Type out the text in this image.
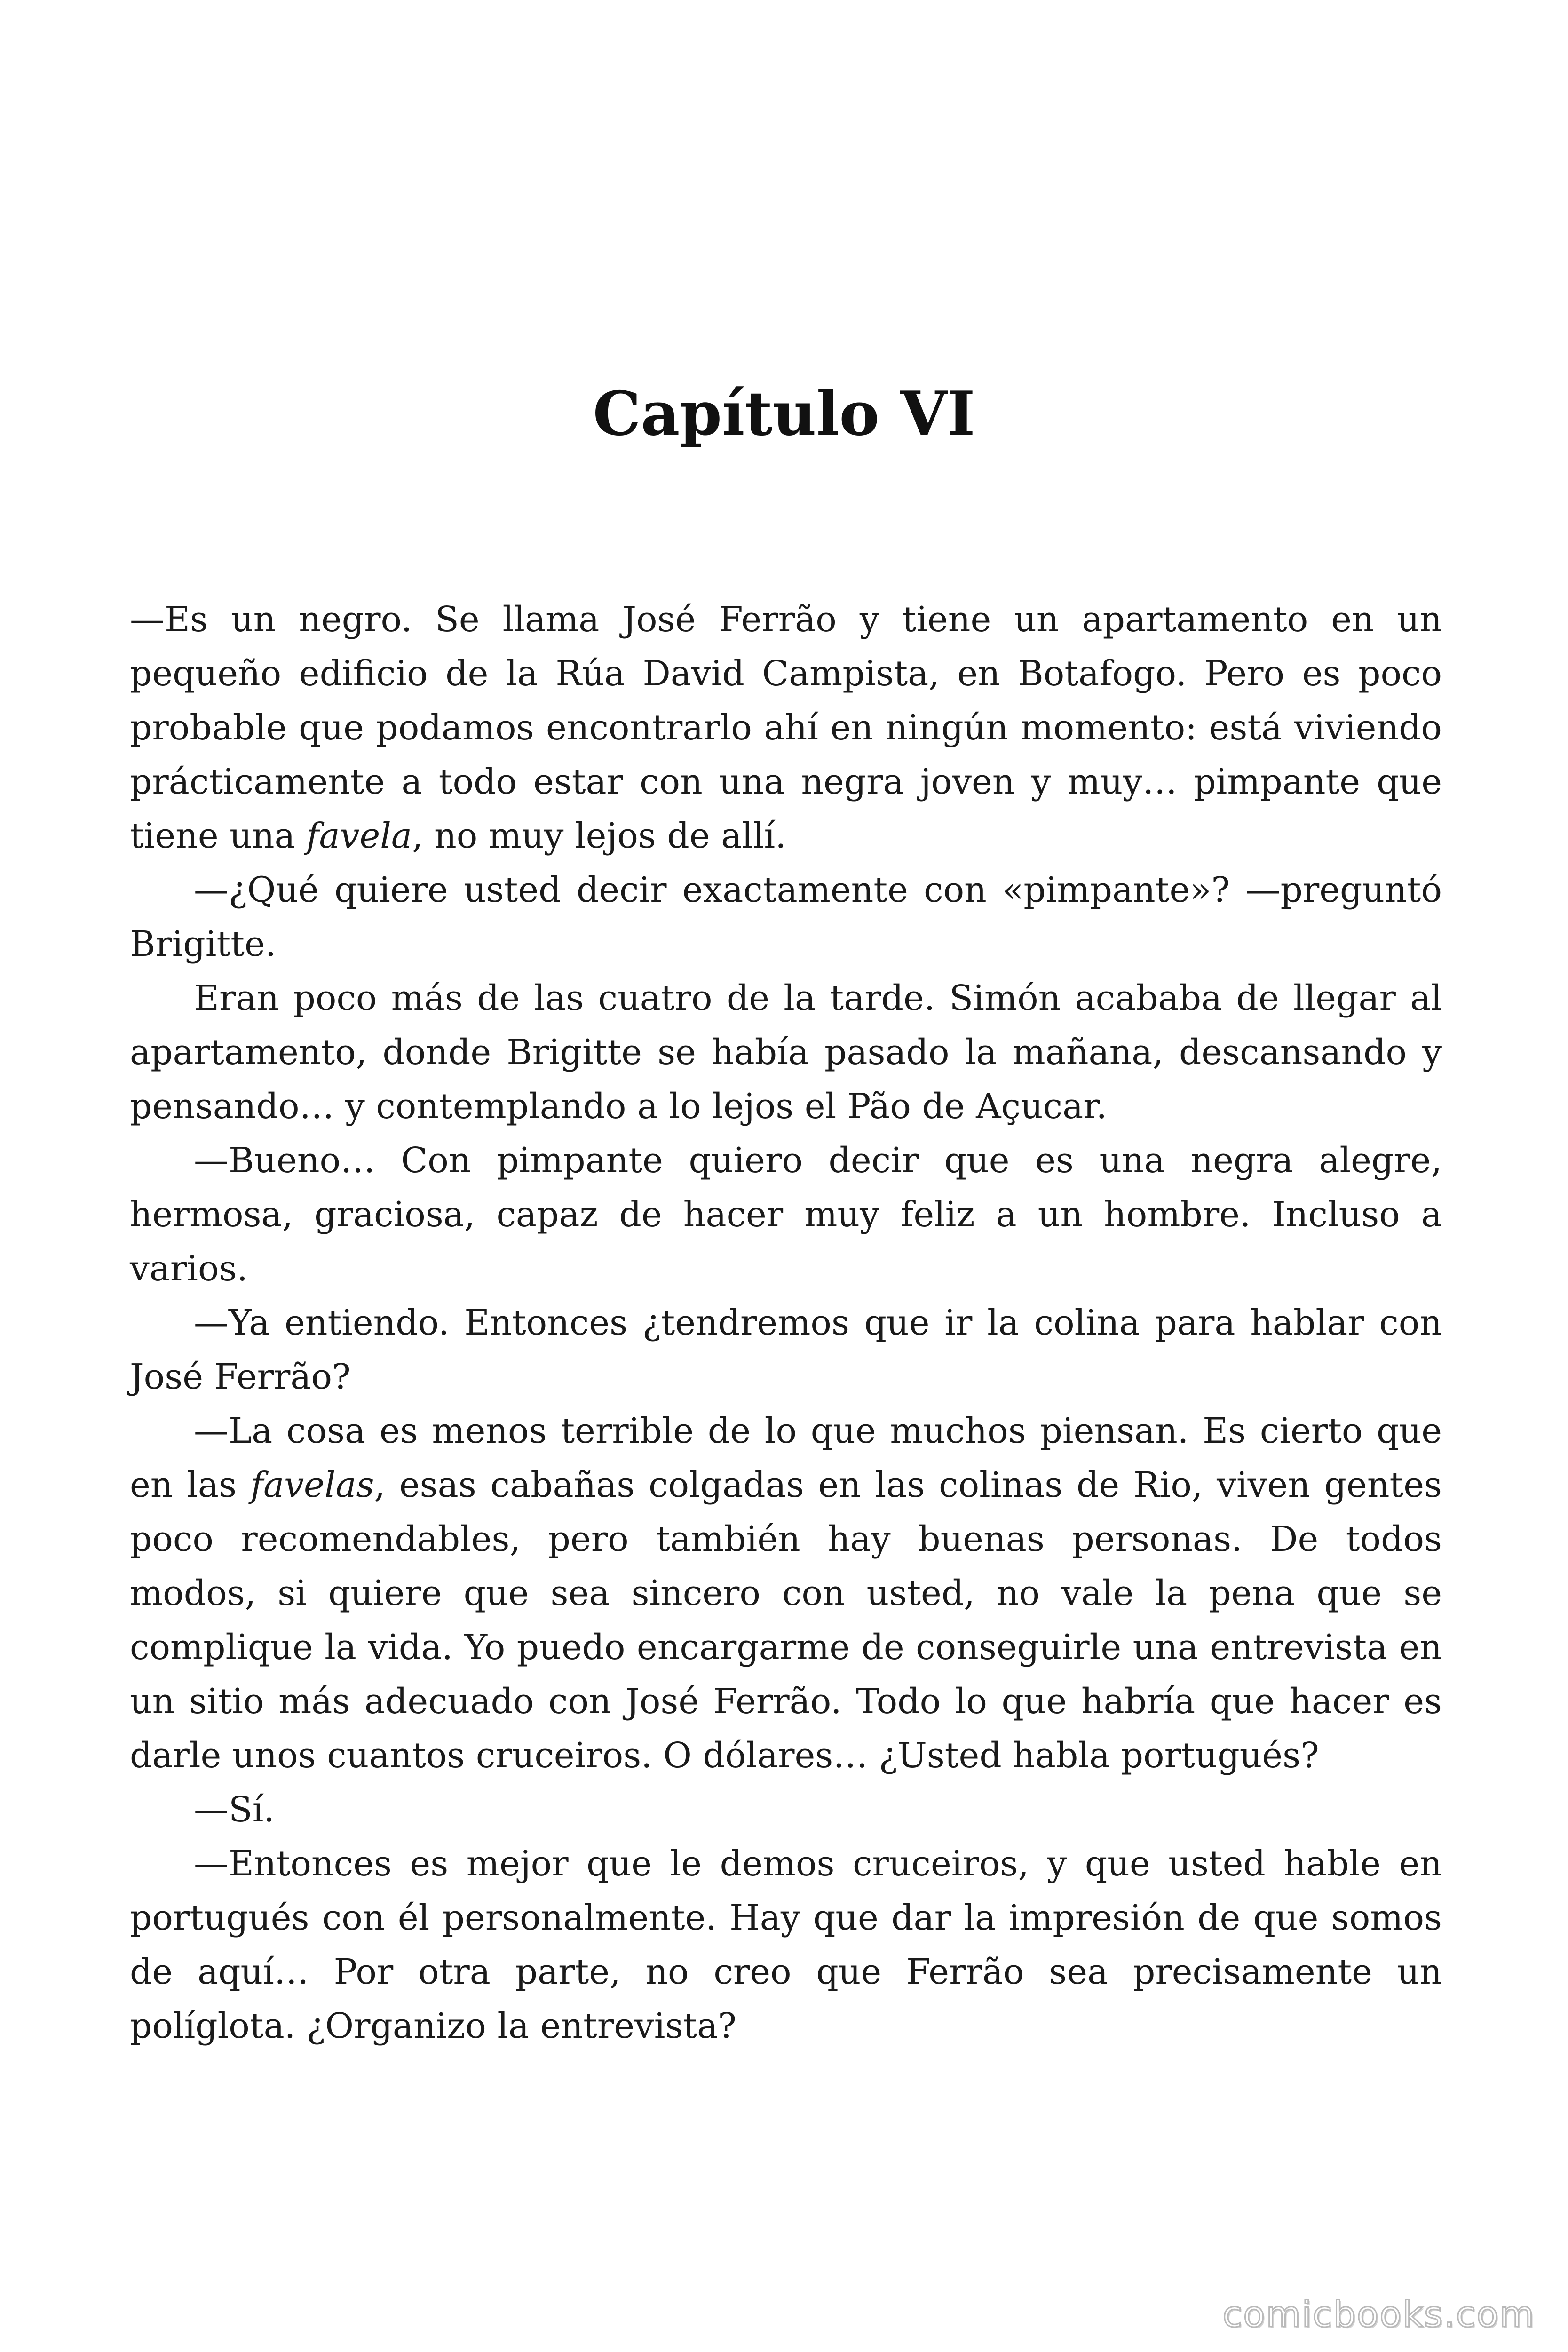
Capítulo VI

—Es un negro. Se llama José Ferrão y tiene un apartamento en un pequeño edificio de la Rúa David Campista, en Botafogo. Pero es poco probable que podamos encontrarlo ahí en ningún momento: está viviendo prácticamente a todo estar con una negra joven y muy… pimpante que tiene una favela, no muy lejos de allí.

—¿Qué quiere usted decir exactamente con «pimpante»? —preguntó Brigitte.

Eran poco más de las cuatro de la tarde. Simón acababa de llegar al apartamento, donde Brigitte se había pasado la mañana, descansando y pensando… y contemplando a lo lejos el Pão de Açucar.

—Bueno… Con pimpante quiero decir que es una negra alegre, hermosa, graciosa, capaz de hacer muy feliz a un hombre. Incluso a varios.

—Ya entiendo. Entonces ¿tendremos que ir la colina para hablar con José Ferrão?

—La cosa es menos terrible de lo que muchos piensan. Es cierto que en las favelas, esas cabañas colgadas en las colinas de Rio, viven gentes poco recomendables, pero también hay buenas personas. De todos modos, si quiere que sea sincero con usted, no vale la pena que se complique la vida. Yo puedo encargarme de conseguirle una entrevista en un sitio más adecuado con José Ferrão. Todo lo que habría que hacer es darle unos cuantos cruceiros. O dólares… ¿Usted habla portugués?

—Sí.

—Entonces es mejor que le demos cruceiros, y que usted hable en portugués con él personalmente. Hay que dar la impresión de que somos de aquí… Por otra parte, no creo que Ferrão sea precisamente un políglota. ¿Organizo la entrevista?

comicbooks.com
